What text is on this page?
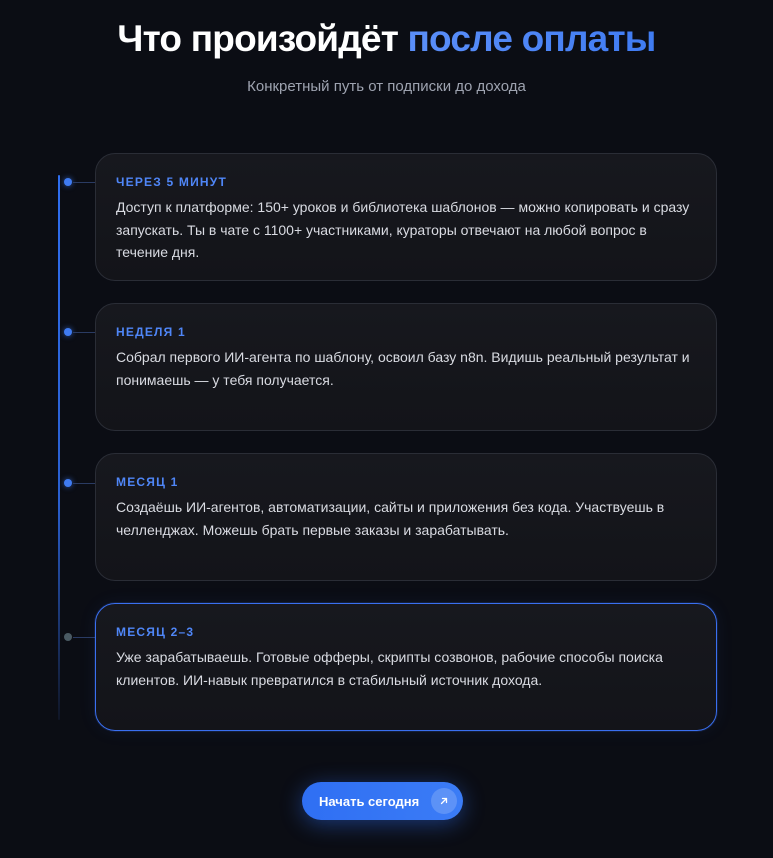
Что произойдёт после оплаты
Конкретный путь от подписки до дохода
ЧЕРЕЗ 5 МИНУТ
Доступ к платформе: 150+ уроков и библиотека шаблонов — можно копировать и сразу запускать. Ты в чате с 1100+ участниками, кураторы отвечают на любой вопрос в течение дня.
НЕДЕЛЯ 1
Собрал первого ИИ-агента по шаблону, освоил базу n8n. Видишь реальный результат и понимаешь — у тебя получается.
МЕСЯЦ 1
Создаёшь ИИ-агентов, автоматизации, сайты и приложения без кода. Участвуешь в челленджах. Можешь брать первые заказы и зарабатывать.
МЕСЯЦ 2–3
Уже зарабатываешь. Готовые офферы, скрипты созвонов, рабочие способы поиска клиентов. ИИ-навык превратился в стабильный источник дохода.
Начать сегодня
